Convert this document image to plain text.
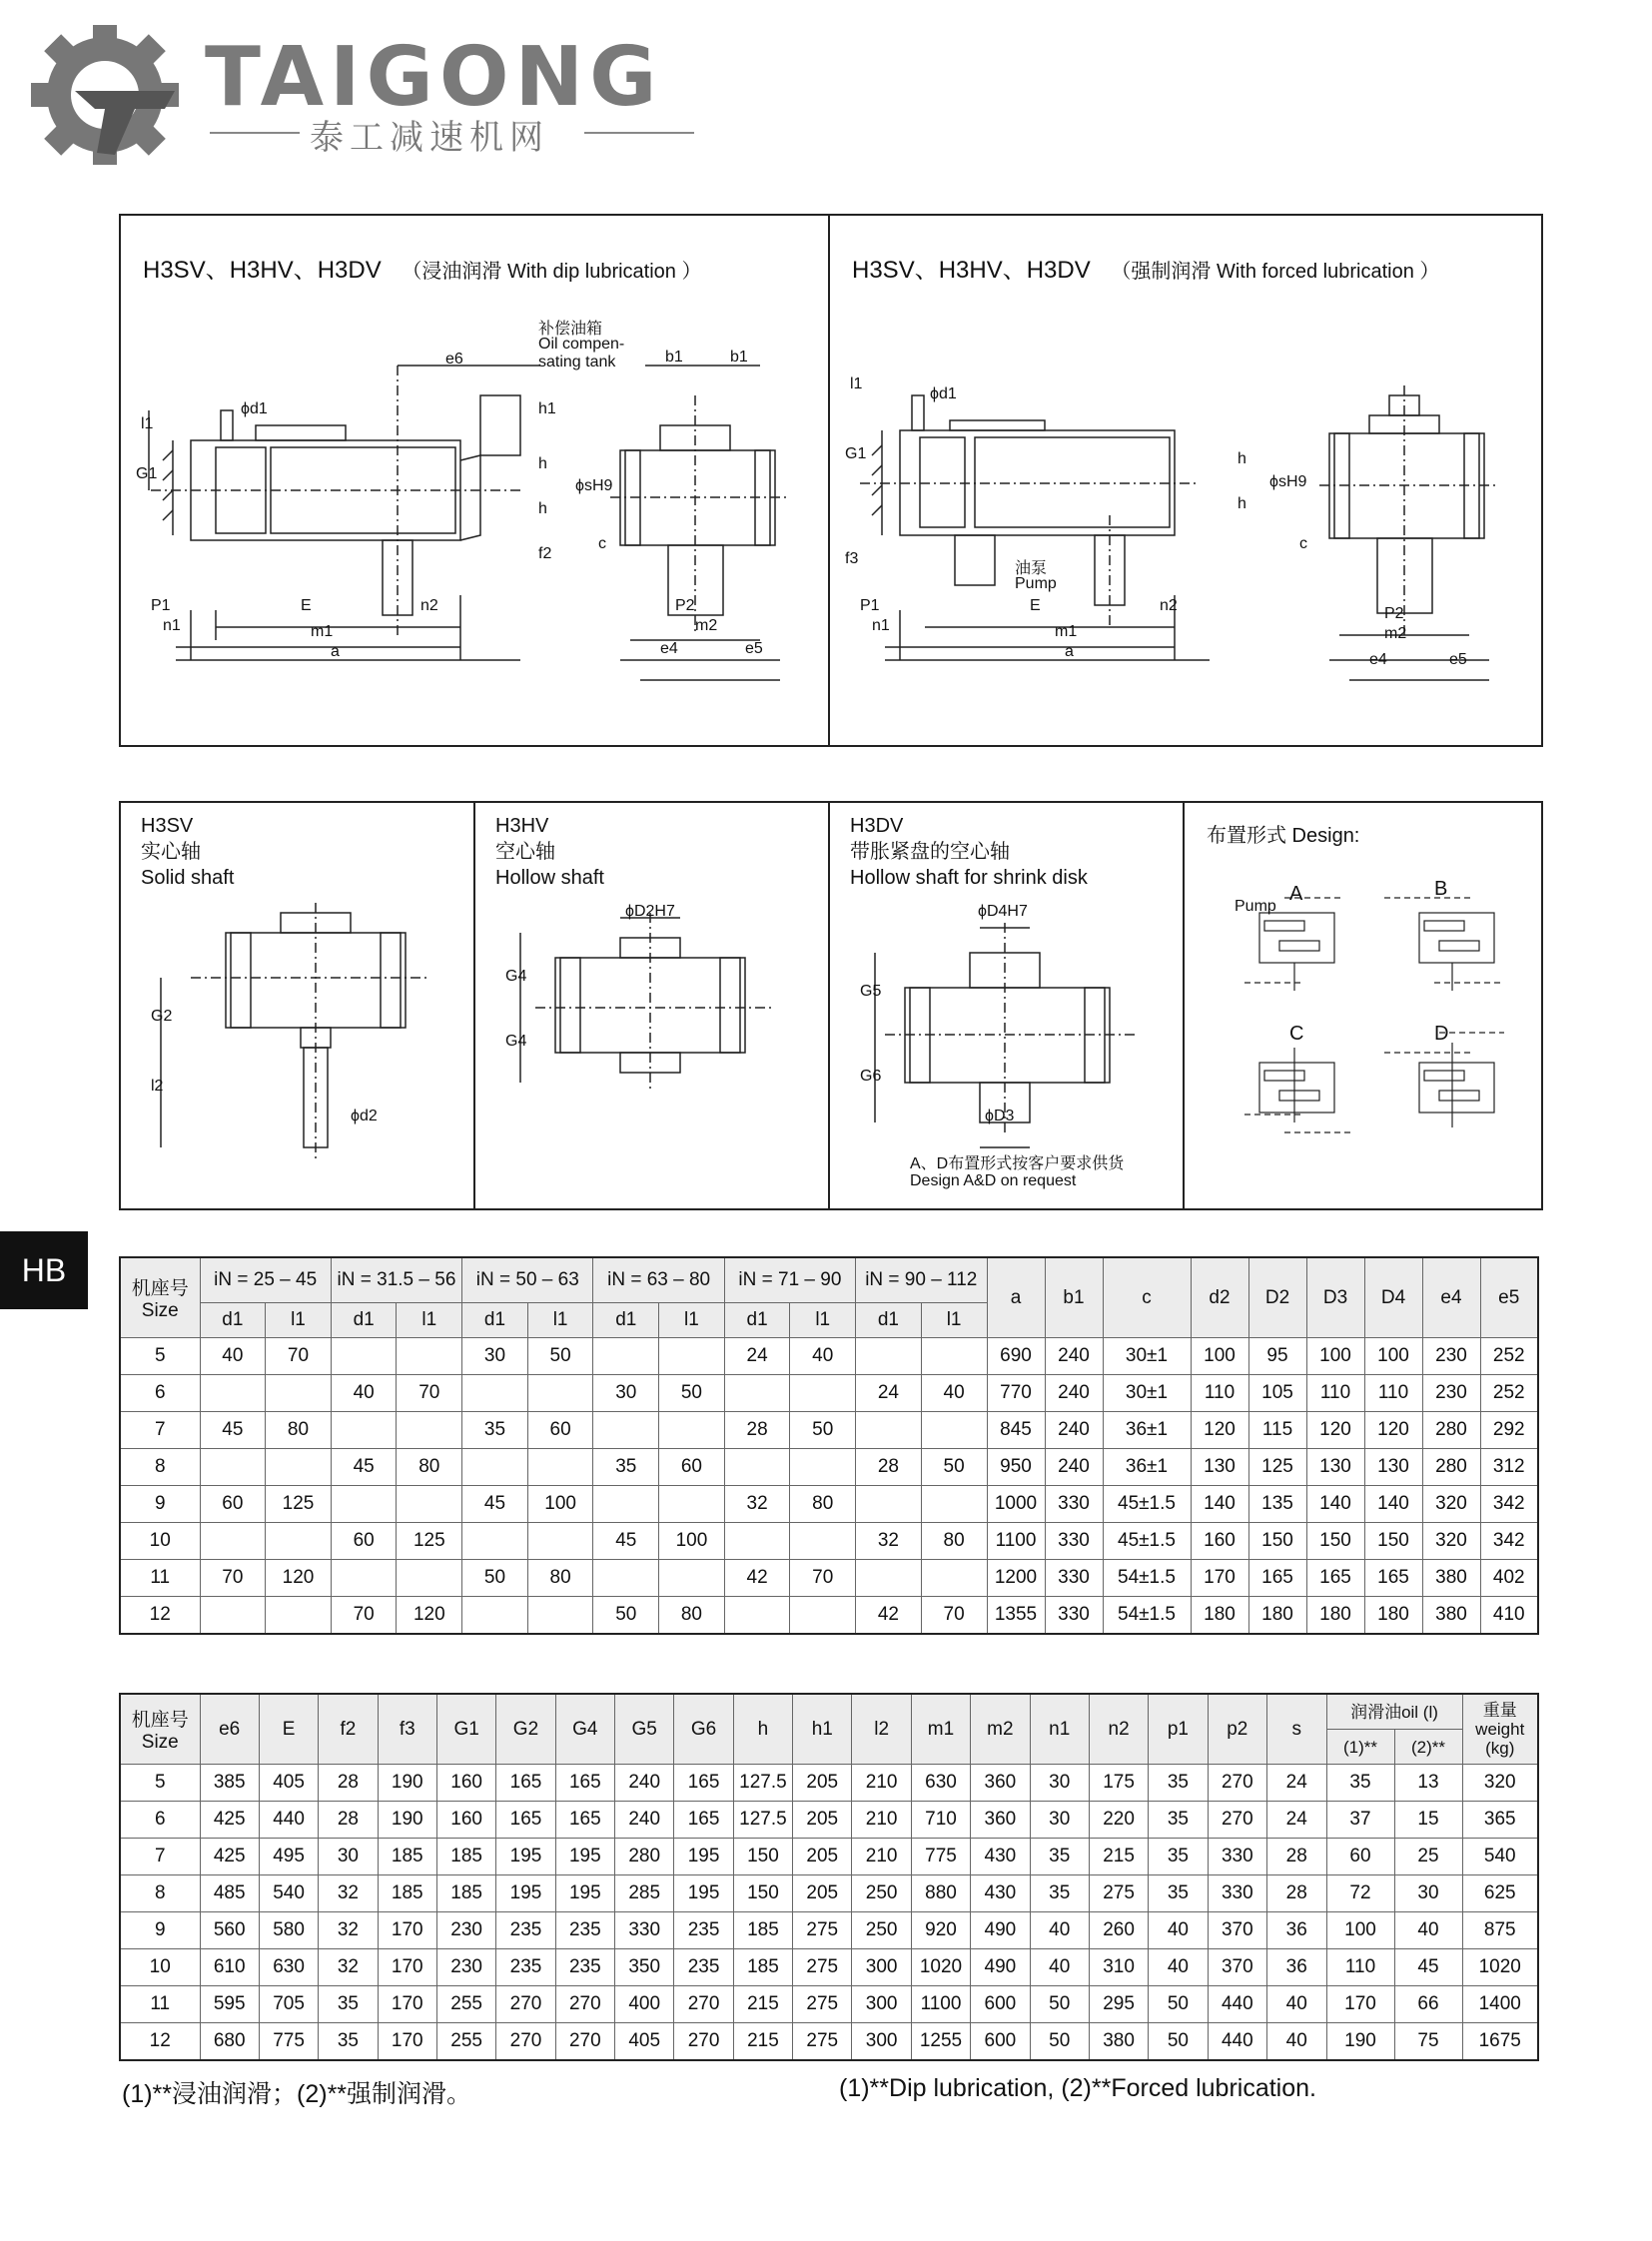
TAIGONG
泰工减速机网
H3SV、H3HV、H3DV （浸油润滑 With dip lubrication ）
补偿油箱
Oil compen-
sating tank
e6	b1	b1
ϕd1
l1
G1
h1
h
h
ϕsH9
c
f2
P1
n1
E	n2
m1
a
P2
m2
e4	e5
H3SV、H3HV、H3DV （强制润滑 With forced lubrication ）
l1
ϕd1
G1
f3
油泵
Pump
P1
n1
E	n2
m1
a
h
h
ϕsH9
c
P2
m2
e4	e5
H3SV
实心轴
Solid shaft
G2
l2
ϕd2
H3HV
空心轴
Hollow shaft
ϕD2H7
G4
G4
H3DV
带胀紧盘的空心轴
Hollow shaft for shrink disk
ϕD4H7
G5
G6
ϕD3
A、D布置形式按客户要求供货
Design A&D on request
布置形式 Design:
Pump
A	B
C	D
HB
机座号
Size	iN = 25 – 45		iN = 31.5 – 56		iN = 50 – 63		iN = 63 – 80		iN = 71 – 90		iN = 90 – 112		a	b1	c	d2	D2	D3	D4	e4	e5
	d1	l1	d1	l1	d1	l1	d1	l1	d1	l1	d1	l1									
5	40	70			30	50			24	40			690	240	30±1	100	95	100	100	230	252
6			40	70			30	50			24	40	770	240	30±1	110	105	110	110	230	252
7	45	80			35	60			28	50			845	240	36±1	120	115	120	120	280	292
8			45	80			35	60			28	50	950	240	36±1	130	125	130	130	280	312
9	60	125			45	100			32	80			1000	330	45±1.5	140	135	140	140	320	342
10			60	125			45	100			32	80	1100	330	45±1.5	160	150	150	150	320	342
11	70	120			50	80			42	70			1200	330	54±1.5	170	165	165	165	380	402
12			70	120			50	80			42	70	1355	330	54±1.5	180	180	180	180	380	410
机座号
Size	e6	E	f2	f3	G1	G2	G4	G5	G6	h	h1	l2	m1	m2	n1	n2	p1	p2	s	润滑油oil (l)		重量weight (kg)
																				(1)**	(2)**	
5	385	405	28	190	160	165	165	240	165	127.5	205	210	630	360	30	175	35	270	24	35	13	320
6	425	440	28	190	160	165	165	240	165	127.5	205	210	710	360	30	220	35	270	24	37	15	365
7	425	495	30	185	185	195	195	280	195	150	205	210	775	430	35	215	35	330	28	60	25	540
8	485	540	32	185	185	195	195	285	195	150	205	250	880	430	35	275	35	330	28	72	30	625
9	560	580	32	170	230	235	235	330	235	185	275	250	920	490	40	260	40	370	36	100	40	875
10	610	630	32	170	230	235	235	350	235	185	275	300	1020	490	40	310	40	370	36	110	45	1020
11	595	705	35	170	255	270	270	400	270	215	275	300	1100	600	50	295	50	440	40	170	66	1400
12	680	775	35	170	255	270	270	405	270	215	275	300	1255	600	50	380	50	440	40	190	75	1675
(1)**浸油润滑；(2)**强制润滑。	(1)**Dip lubrication, (2)**Forced lubrication.
